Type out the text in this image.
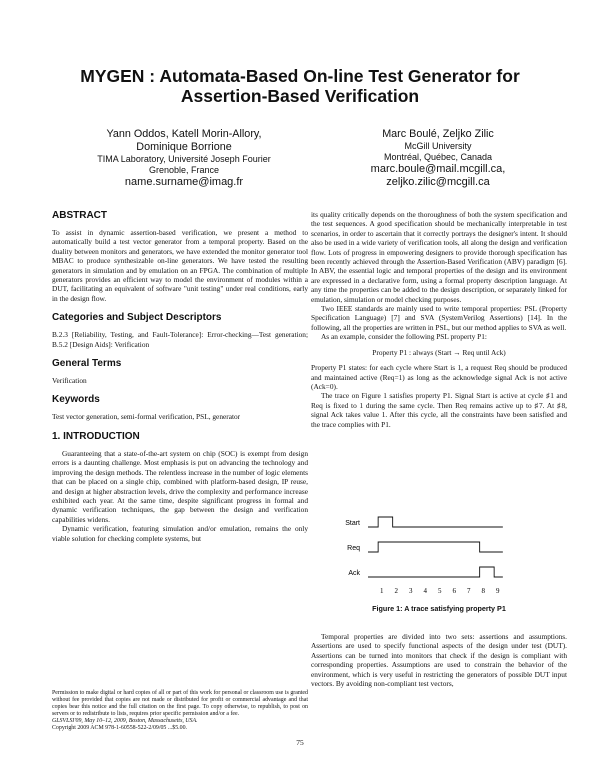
MYGEN : Automata-Based On-line Test Generator for Assertion-Based Verification
Yann Oddos, Katell Morin-Allory,
Dominique Borrione
TIMA Laboratory, Université Joseph Fourier
Grenoble, France
name.surname@imag.fr
Marc Boulé, Zeljko Zilic
McGill University
Montréal, Québec, Canada
marc.boule@mail.mcgill.ca,
zeljko.zilic@mcgill.ca
ABSTRACT

To assist in dynamic assertion-based verification, we present a method to automatically build a test vector generator from a temporal property. Based on the duality between monitors and generators, we have extended the monitor generator tool MBAC to produce synthesizable on-line generators. We have tested the resulting generators in simulation and by emulation on an FPGA. The combination of multiple generators provides an efficient way to model the environment of modules within a DUT, facilitating an equivalent of software "unit testing" under real conditions, early in the design flow.

Categories and Subject Descriptors

B.2.3 [Reliability, Testing, and Fault-Tolerance]: Error-checking—Test generation; B.5.2 [Design Aids]: Verification

General Terms

Verification

Keywords

Test vector generation, semi-formal verification, PSL, generator

1. INTRODUCTION

Guaranteeing that a state-of-the-art system on chip (SOC) is exempt from design errors is a daunting challenge. Most emphasis is put on advancing the technology and improving the design methods. The relentless increase in the number of logic elements that can be placed on a single chip, combined with platform-based design, IP reuse, and design at higher abstraction levels, drive the complexity and performance increase exhibited each year. At the same time, despite significant progress in formal and dynamic verification techniques, the gap between the design and verification capabilities widens.

Dynamic verification, featuring simulation and/or emulation, remains the only viable solution for checking complete systems, but

Permission to make digital or hard copies of all or part of this work for personal or classroom use is granted without fee provided that copies are not made or distributed for profit or commercial advantage and that copies bear this notice and the full citation on the first page. To copy otherwise, to republish, to post on servers or to redistribute to lists, requires prior specific permission and/or a fee.
GLSVLSI'09, May 10–12, 2009, Boston, Massachusetts, USA.
Copyright 2009 ACM 978-1-60558-522-2/09/05 ...$5.00.

its quality critically depends on the thoroughness of both the system specification and the test sequences. A good specification should be mechanically interpretable in test scenarios, in order to ascertain that it correctly portrays the designer's intent. It should also be used in a wide variety of verification tools, all along the design and verification flow. Lots of progress in empowering designers to provide thorough specification has been recently achieved through the Assertion-Based Verification (ABV) paradigm [6]. In ABV, the essential logic and temporal properties of the design and its environment are expressed in a declarative form, using a formal property description language. At any time the properties can be added to the design description, or separately linked for emulation, simulation or model checking purposes.

Two IEEE standards are mainly used to write temporal properties: PSL (Property Specification Language) [7] and SVA (SystemVerilog Assertions) [14]. In the following, all the properties are written in PSL, but our method applies to SVA as well.

As an example, consider the following PSL property P1:

Property P1 : always (Start → Req until Ack)

Property P1 states: for each cycle where Start is 1, a request Req should be produced and maintained active (Req=1) as long as the acknowledge signal Ack is not active (Ack=0).

The trace on Figure 1 satisfies property P1. Signal Start is active at cycle ♯1 and Req is fixed to 1 during the same cycle. Then Req remains active up to ♯7. At ♯8, signal Ack takes value 1. After this cycle, all the constraints have been satisfied and the trace complies with P1.

Start
Req
Ack
1 2 3 4 5 6 7 8 9
Figure 1: A trace satisfying property P1

Temporal properties are divided into two sets: assertions and assumptions. Assertions are used to specify functional aspects of the design under test (DUT). Assertions can be turned into monitors that check if the design is compliant with corresponding properties. Assumptions are used to constrain the behavior of the environment, which is very useful in restricting the generators of possible DUT input vectors. By avoiding non-compliant test vectors,

75
